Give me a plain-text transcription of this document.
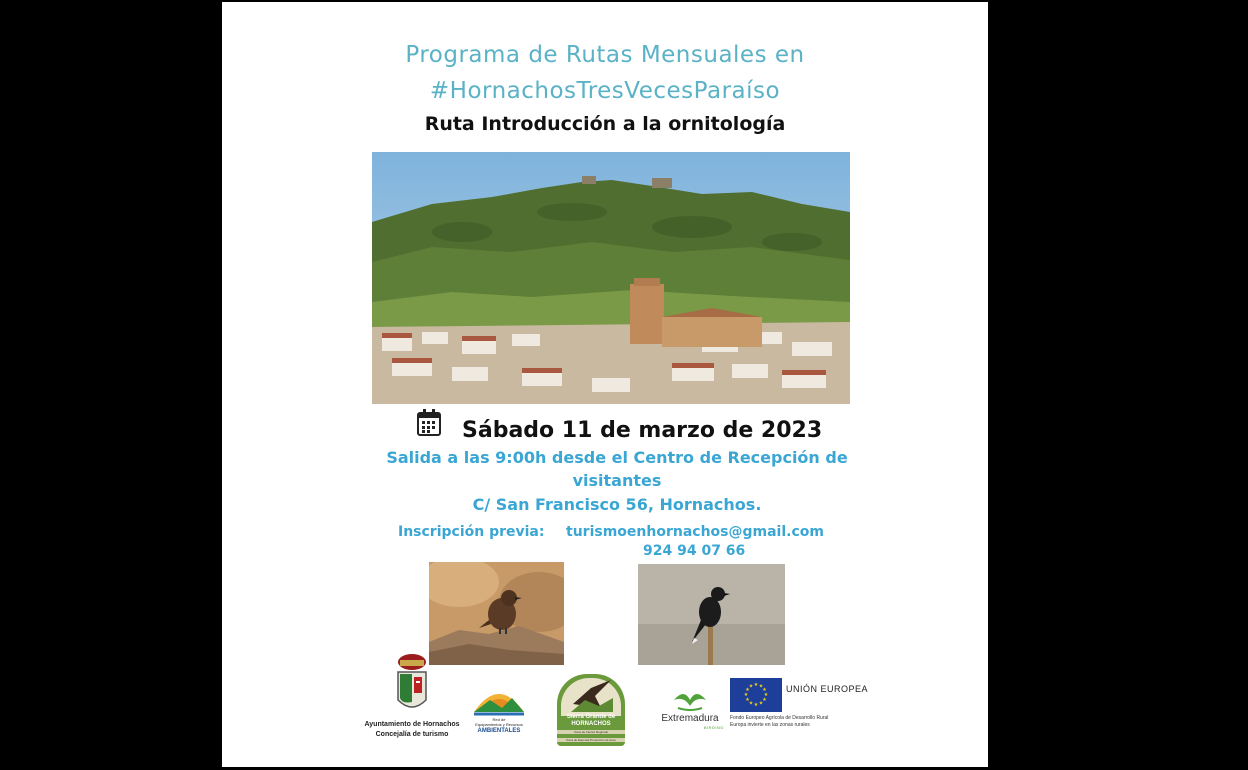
Programa de Rutas Mensuales en
#HornachosTresVecesParaíso
Ruta Introducción a la ornitología
Sábado 11 de marzo de 2023
Salida a las 9:00h desde el Centro de Recepción de
visitantes
C/ San Francisco 56, Hornachos.
Inscripción previa: turismoenhornachos@gmail.com
924 94 07 66
Ayuntamiento de Hornachos
Concejalía de turismo
Red de
Equipamientos y Recursos
AMBIENTALES
Sierra Grande de
HORNACHOS
Zona de Interés Regional
Zona de Especial Protección de Aves
Extremadura
BIRDING
★ ★
★
★
★
★
★
★
★
★
★
★	UNIÓN EUROPEA
Fondo Europeo Agrícola de Desarrollo Rural
Europa invierte en las zonas rurales
